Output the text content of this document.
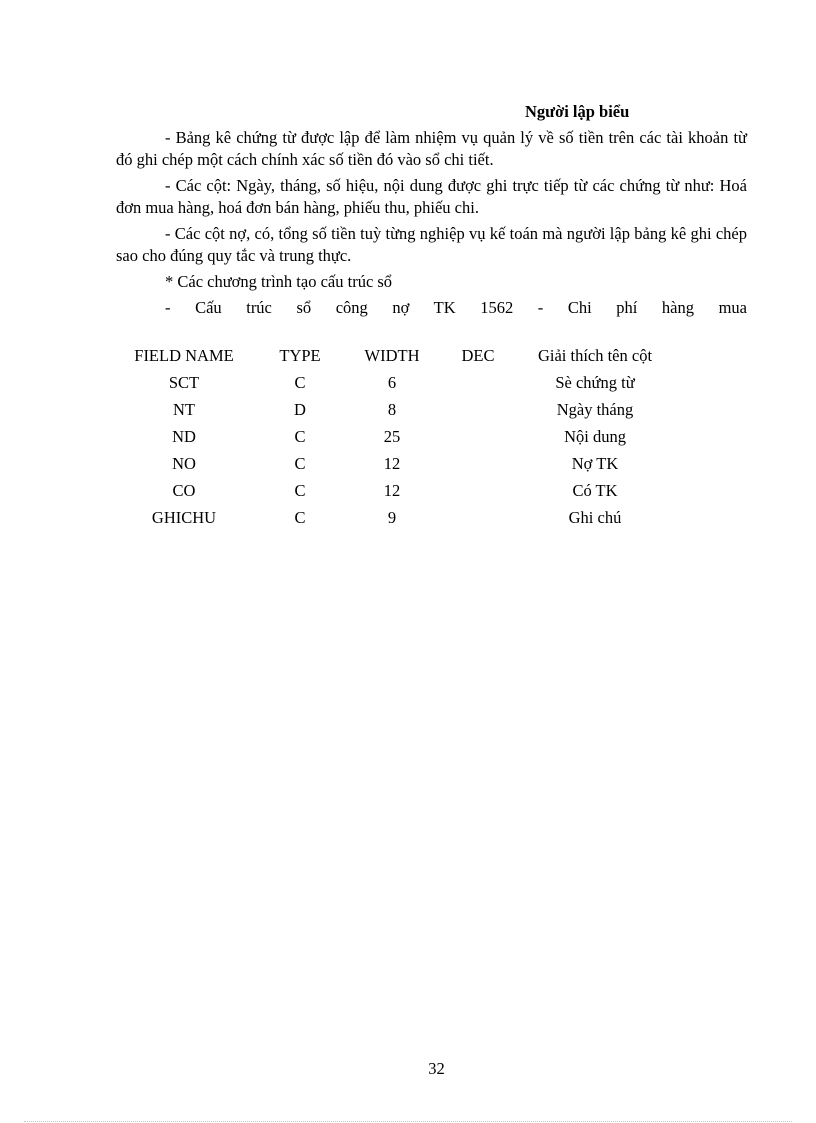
Người lập biểu

- Bảng kê chứng từ được lập để làm nhiệm vụ quản lý về số tiền trên các tài khoản từ đó ghi chép một cách chính xác số tiền đó vào sổ chi tiết.

- Các cột: Ngày, tháng, số hiệu, nội dung được ghi trực tiếp từ các chứng từ như: Hoá đơn mua hàng, hoá đơn bán hàng, phiếu thu, phiếu chi.

- Các cột nợ, có, tổng số tiền tuỳ từng nghiệp vụ kế toán mà người lập bảng kê ghi chép sao cho đúng quy tắc và trung thực.

* Các chương trình tạo cấu trúc sổ

- Cấu trúc sổ công nợ TK 1562 - Chi phí hàng mua

FIELD NAME	TYPE	WIDTH	DEC	Giải thích tên cột
SCT	C	6		Sè chứng từ
NT	D	8		Ngày tháng
ND	C	25		Nội dung
NO	C	12		Nợ TK
CO	C	12		Có TK
GHICHU	C	9		Ghi chú
32
